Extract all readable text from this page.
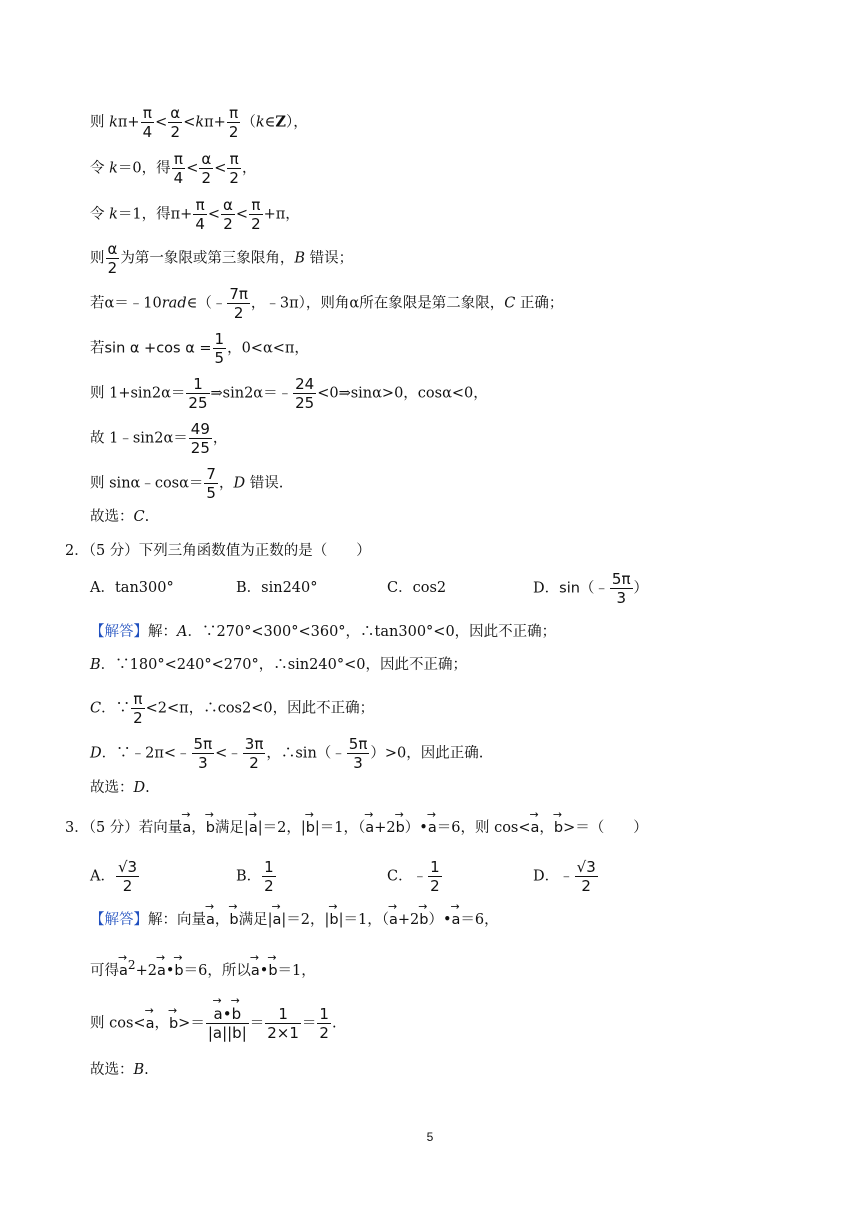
则 $k\pi+ \frac{\pi}{4} < \frac{\alpha}{2} <k\pi+ \frac{\pi}{2}$ （k∈Z），
令 k＝0，得 $\frac{\pi}{4} < \frac{\alpha}{2} < \frac{\pi}{2}$ ，
令 k＝1，得$\pi+ \frac{\pi}{4} < \frac{\alpha}{2} < \frac{\pi}{2} +\pi$，
则 $\frac{\alpha}{2}$ 为第一象限或第三象限角，B 错误；
若α＝﹣10rad∈（﹣ $\frac{7\pi}{2}$ ，﹣3π），则角α所在象限是第二象限，C 正确；
若sin α +cos $\alpha = \frac{1}{5}$ ，0<α<π，
则 $1+\sin 2\alpha= \frac{1}{25}$ ⇒sin2α＝﹣ $\frac{24}{25}$ <0⇒sinα>0，cosα<0，
故 1﹣sin2α＝ $\frac{49}{25}$ ，
则 sinα﹣cosα＝ $\frac{7}{5}$ ，D 错误.
故选：C.
2．（5 分）下列三角函数值为正数的是（　　）
A．tan300°	B．sin240°	C．cos2	D．sin（﹣ $\frac{5\pi}{3}$ ）
【解答】解：A．∵270°<300°<360°，∴tan300°<0，因此不正确；
B．∵180°<240°<270°，∴sin240°<0，因此不正确；
C．∵ $\frac{\pi}{2} <2<\pi$，∴cos2<0，因此不正确；
D．∵﹣2π<﹣ $\frac{5\pi}{3}$ <﹣ $\frac{3\pi}{2}$ ，∴sin（﹣ $\frac{5\pi}{3} )>0$，因此正确.
故选：D.
3．（5 分）若向量→ a，→ b满足|→ a|＝2，|→ b|＝1，（→ a+2→ b）•→ a＝6，则 cos<→ a，→ b>＝（　　）
A． $\frac{√3}{2}$	B． $\frac{1}{2}$	C．﹣ $\frac{1}{2}$	D．﹣ $\frac{√3}{2}$
【解答】解：向量→ a，→ b满足|→ a|＝2，|→ b|＝1，（→ a+2→ b）•→ a＝6，
可得→ $a^2+2\to$ a•→ b＝6，所以→ a•→ b＝1，
则 cos<→ a，→ b>＝
→ $\frac{a•\to b}{|a||b|} = \frac{1}{2\times 1} = \frac{1}{2}$ .
故选：B.
5
